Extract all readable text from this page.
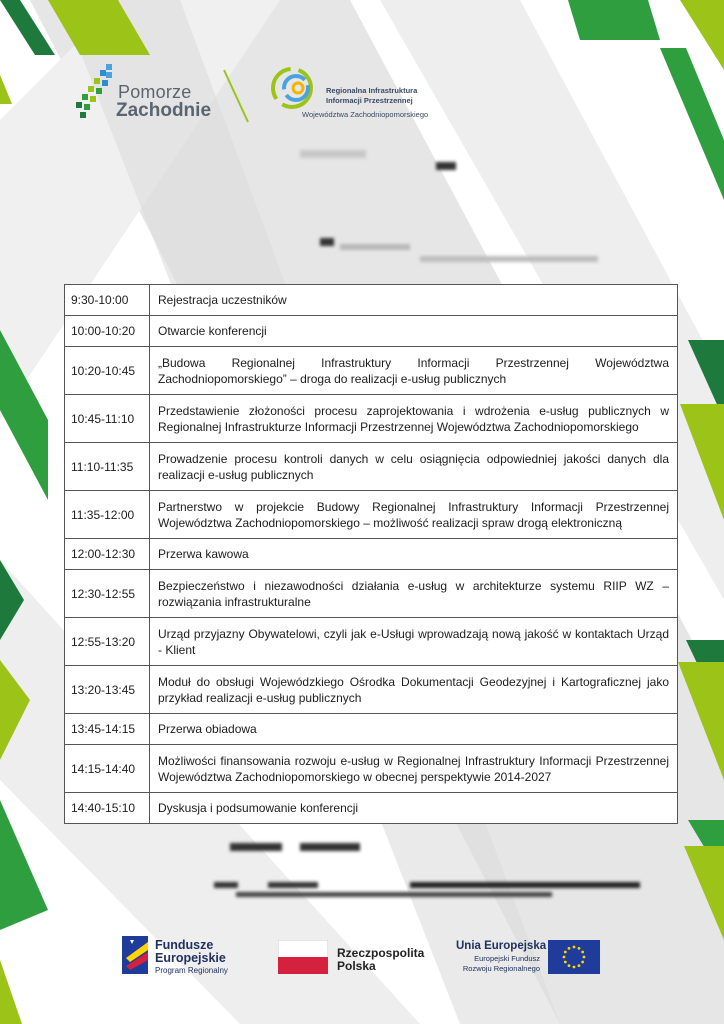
Pomorze
Zachodnie
Regionalna Infrastruktura
Informacji Przestrzennej
Województwa Zachodniopomorskiego
9:30-10:00	Rejestracja uczestników
10:00-10:20	Otwarcie konferencji
10:20-10:45	„Budowa Regionalnej Infrastruktury Informacji Przestrzennej Województwa Zachodniopomorskiego” – droga do realizacji e-usług publicznych
10:45-11:10	Przedstawienie złożoności procesu zaprojektowania i wdrożenia e-usług publicznych w Regionalnej Infrastrukturze Informacji Przestrzennej Województwa Zachodniopomorskiego
11:10-11:35	Prowadzenie procesu kontroli danych w celu osiągnięcia odpowiedniej jakości danych dla realizacji e-usług publicznych
11:35-12:00	Partnerstwo w projekcie Budowy Regionalnej Infrastruktury Informacji Przestrzennej Województwa Zachodniopomorskiego – możliwość realizacji spraw drogą elektroniczną
12:00-12:30	Przerwa kawowa
12:30-12:55	Bezpieczeństwo i niezawodności działania e-usług w architekturze systemu RIIP WZ – rozwiązania infrastrukturalne
12:55-13:20	Urząd przyjazny Obywatelowi, czyli jak e-Usługi wprowadzają nową jakość w kontaktach Urząd - Klient
13:20-13:45	Moduł do obsługi Wojewódzkiego Ośrodka Dokumentacji Geodezyjnej i Kartograficznej jako przykład realizacji e-usług publicznych
13:45-14:15	Przerwa obiadowa
14:15-14:40	Możliwości finansowania rozwoju e-usług w Regionalnej Infrastruktury Informacji Przestrzennej Województwa Zachodniopomorskiego w obecnej perspektywie 2014-2027
14:40-15:10	Dyskusja i podsumowanie konferencji
Fundusze
Europejskie
Program Regionalny
Rzeczpospolita
Polska
Unia Europejska
Europejski Fundusz
Rozwoju Regionalnego
